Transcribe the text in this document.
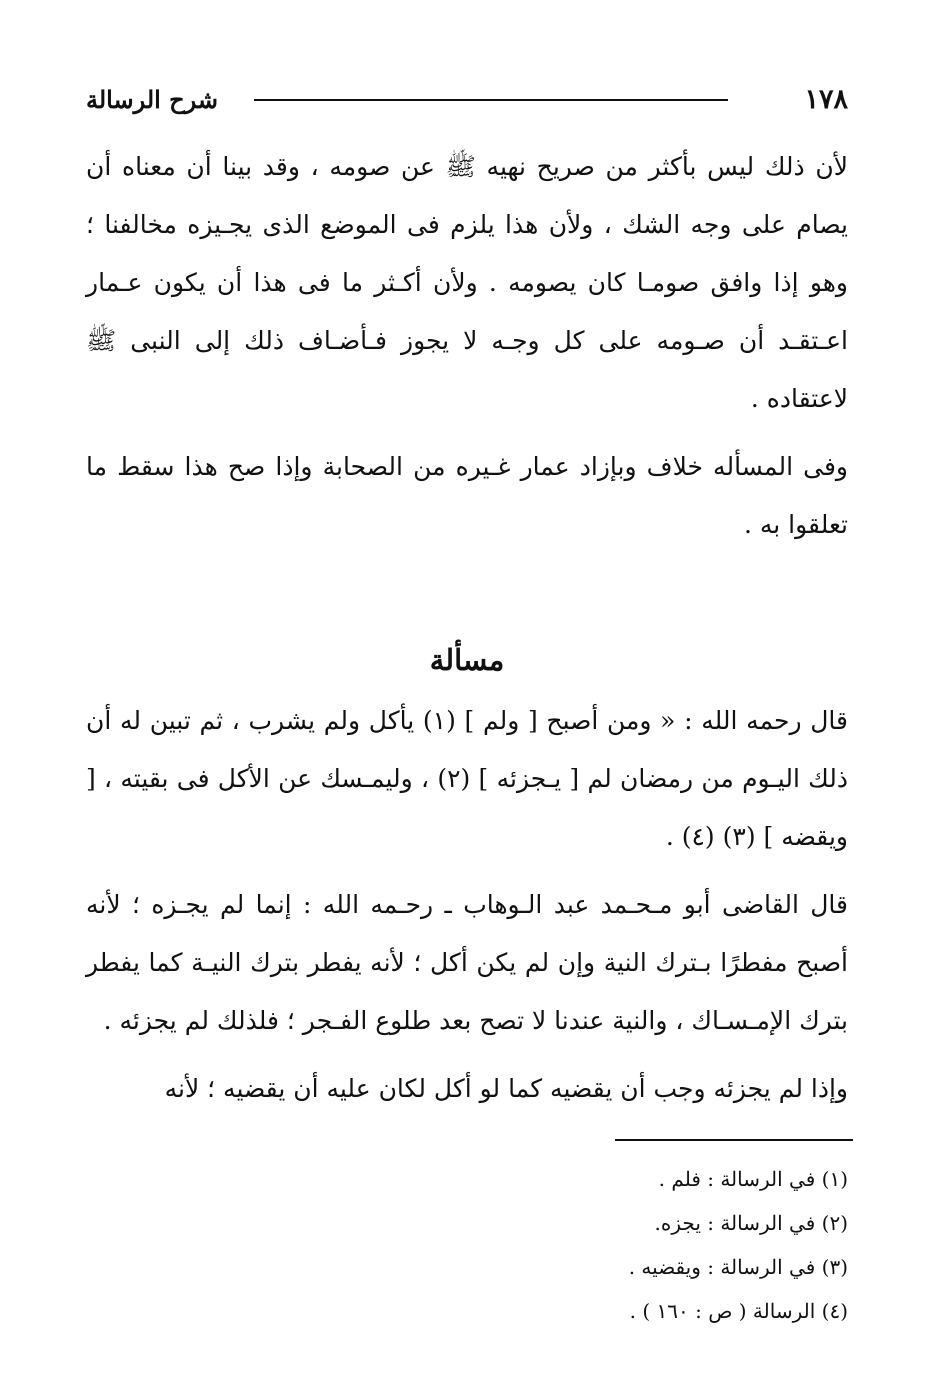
١٧٨
شرح الرسالة

لأن ذلك ليس بأكثر من صريح نهيه ﷺ عن صومه ، وقد بينا أن معناه أن يصام على وجه الشك ، ولأن هذا يلزم فى الموضع الذى يجـيزه مخالفنا ؛ وهو إذا وافق صومـا كان يصومه . ولأن أكـثر ما فى هذا أن يكون عـمار اعـتقـد أن صـومه على كل وجـه لا يجوز فـأضـاف ذلك إلى النبى ﷺ لاعتقاده .

وفى المسأله خلاف وبإزاد عمار غـيره من الصحابة وإذا صح هذا سقط ما تعلقوا به .

مسألة

قال رحمه الله : « ومن أصبح [ ولم ] (١) يأكل ولم يشرب ، ثم تبين له أن ذلك اليـوم من رمضان لم [ يـجزئه ] (٢) ، وليمـسك عن الأكل فى بقيته ، [ ويقضه ] (٣) (٤) .

قال القاضى أبو مـحـمد عبد الـوهاب ـ رحـمه الله : إنما لم يجـزه ؛ لأنه أصبح مفطرًا بـترك النية وإن لم يكن أكل ؛ لأنه يفطر بترك النيـة كما يفطر بترك الإمـسـاك ، والنية عندنا لا تصح بعد طلوع الفـجر ؛ فلذلك لم يجزئه .

وإذا لم يجزئه وجب أن يقضيه كما لو أكل لكان عليه أن يقضيه ؛ لأنه

(١) في الرسالة : فلم .

(٢) في الرسالة : يجزه.

(٣) في الرسالة : ويقضيه .

(٤) الرسالة ( ص : ١٦٠ ) .
